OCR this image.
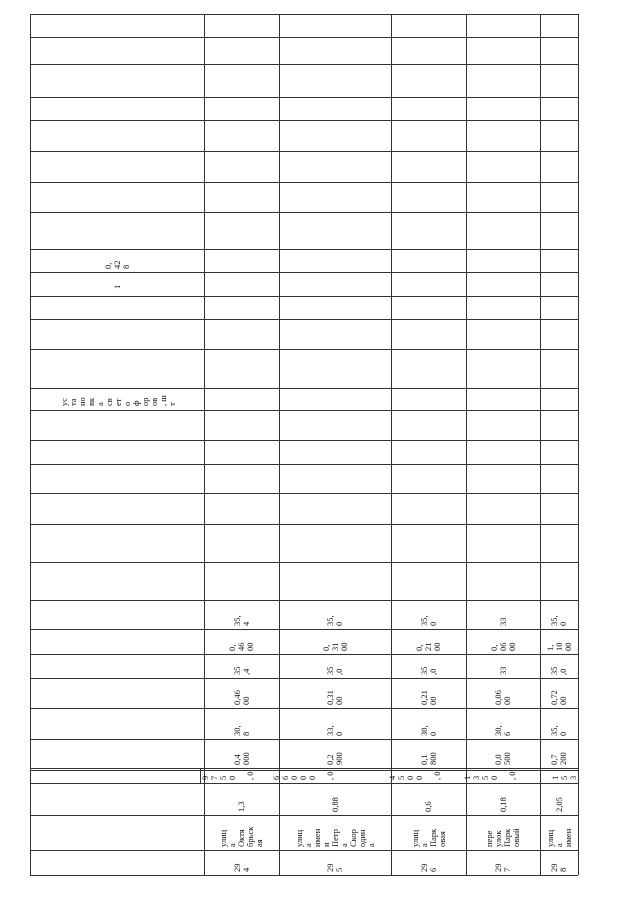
0,
42
8
1
ус
та
но
вк
а
св
ет
о
ф
ор
ов
, ш
т
35,
4
0,
46
00
35
,4
0,46
00
30,
8
0,4
000
9
7
5
0

, 0
1,3
улиц
а
Октя
брьск
ая
29
4
35,
0
0,
31
00
35
,0
0,31
00
33,
0
0,2
900
6
6
0
0
0

, 0
0,88
улиц
а
имен
и
Петр
а
Скор
один
а
29
5
35,
0
0,
21
00
35
,0
0,21
00
30,
0
0,1
800
4
5
0
0

, 0
0,6
улиц
а
Парк
овая
29
6
33
0,
06
00
33
0,06
00
30,
6
0,0
500
1
3
5
0

, 0
0,18
пере
улок
Парк
овый
29
7
35,
0
1,
10
00
35
,0
0,72
00
35,
0
0,7
200
1
5
3
2,05
улиц
а
имен
29
8
